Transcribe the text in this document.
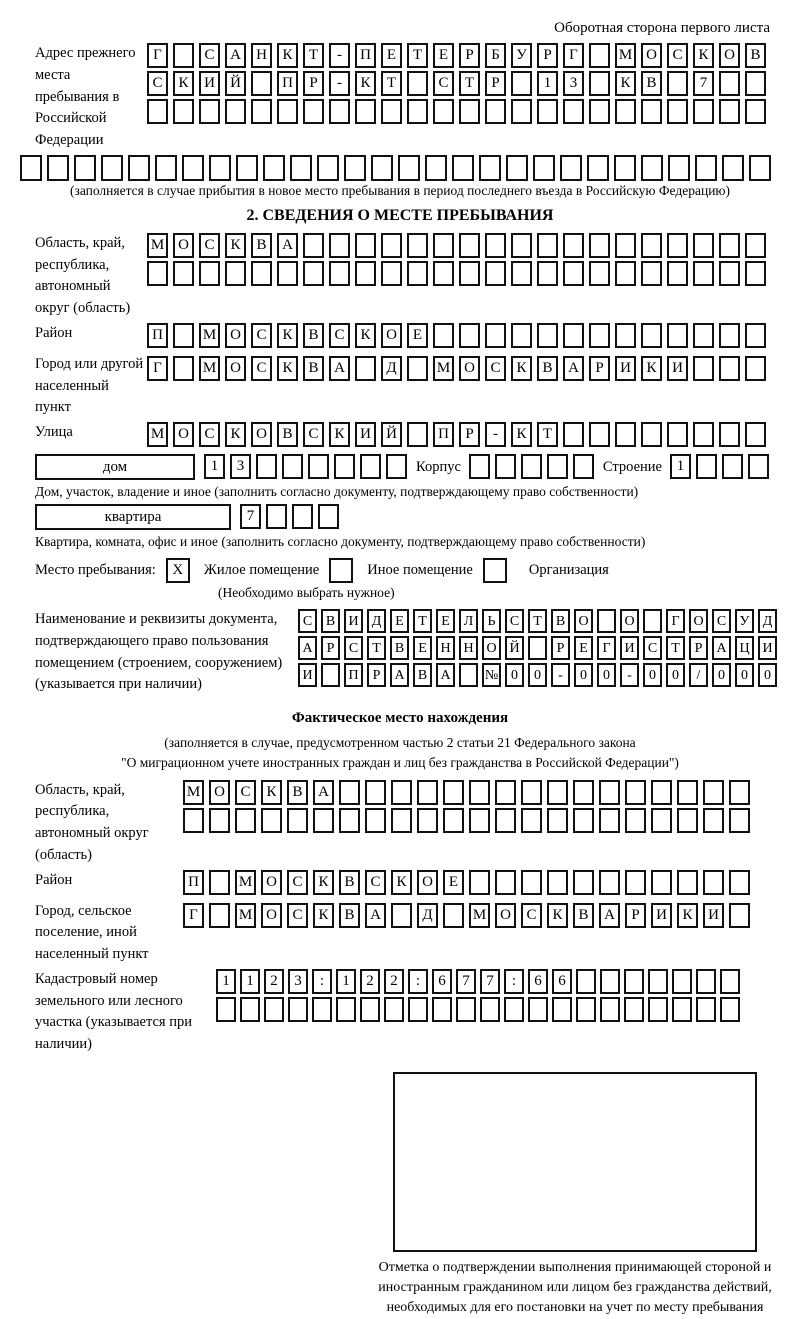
Оборотная сторона первого листа
Адрес прежнего места пребывания в Российской Федерации
Г	С	А	Н	К	Т	-	П	Е	Т	Е	Р	Б	У	Р	Г	М О	С	К	О	В
С	К	И	Й	П	Р	-	К	Т	С	Т	Р	1	3	К	В	7
(заполняется в случае прибытия в новое место пребывания в период последнего въезда в Российскую Федерацию)
2. СВЕДЕНИЯ О МЕСТЕ ПРЕБЫВАНИЯ
Область, край, республика, автономный округ (область)
М О	С	К	В	А
Район	П	М О	С	К	В	С	К	О	Е
Город или другой населенный пункт
Г	М О	С	К	В	А	Д	М О	С	К	В	А	Р	И	К	И
Улица	М О	С	К	О	В	С	К	И	Й	П	Р	-	К	Т
дом	1	3	Корпус	Строение 1
Дом, участок, владение и иное (заполнить согласно документу, подтверждающему право собственности)
квартира	7
Квартира, комната, офис и иное (заполнить согласно документу, подтверждающему право собственности)
Место пребывания:	X	Жилое помещение	Иное помещение	Организация
(Необходимо выбрать нужное)
Наименование и реквизиты документа, подтверждающего право пользования помещением (строением, сооружением) (указывается при наличии)
С В И Д Е	Т	Е Л	Ь	С	Т	В О	О	Г О С У Д
А	Р	С	Т	В	Е Н Н О Й	Р	Е	Г И С	Т	Р	А Ц И
И	П	Р	А В А	№ 0	0	-	0	0	-	0	0	/	0	0	0
Фактическое место нахождения
(заполняется в случае, предусмотренном частью 2 статьи 21 Федерального закона
"О миграционном учете иностранных граждан и лиц без гражданства в Российской Федерации")
Область, край, республика, автономный округ (область)
М О	С	К	В	А
Район	П	М О	С	К	В	С	К	О	Е
Город, сельское поселение, иной населенный пункт
Г	М О	С	К	В	А	Д	М О	С	К	В	А	Р	И	К	И
Кадастровый номер земельного или лесного участка (указывается при наличии)
1	1	2	3	:	1	2	2	:	6	7	7	:	6	6
Отметка о подтверждении выполнения принимающей стороной и иностранным гражданином или лицом без гражданства действий, необходимых для его постановки на учет по месту пребывания
